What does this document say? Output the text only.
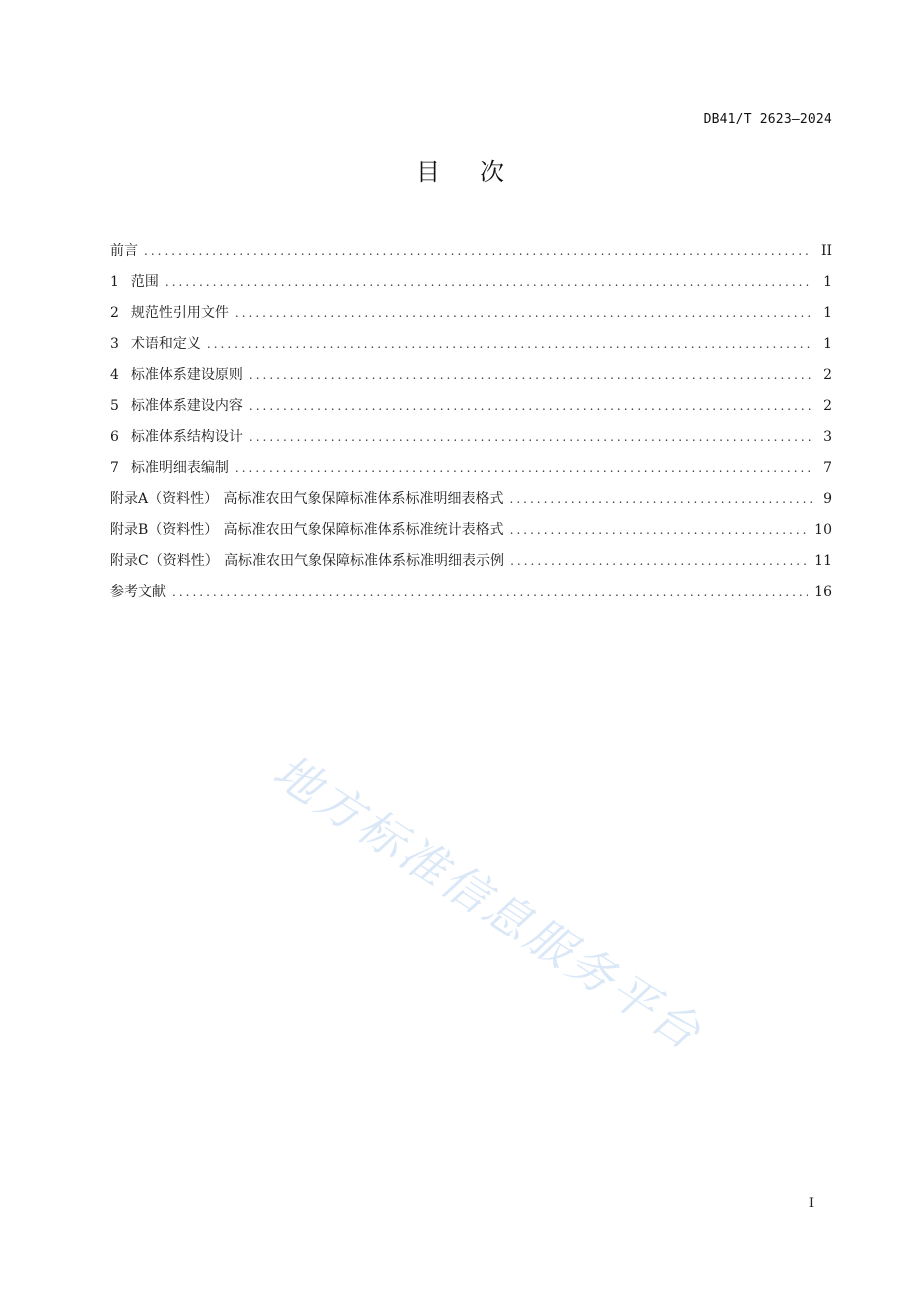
DB41/T 2623—2024
目次
前言 .....	II
1 范围 .....	1
2 规范性引用文件 .....	1
3 术语和定义 .....	1
4 标准体系建设原则 .....	2
5 标准体系建设内容 .....	2
6 标准体系结构设计 .....	3
7 标准明细表编制 .....	7
附录A（资料性） 高标准农田气象保障标准体系标准明细表格式 .....	9
附录B（资料性） 高标准农田气象保障标准体系标准统计表格式 .....	10
附录C（资料性） 高标准农田气象保障标准体系标准明细表示例 .....	11
参考文献 .....	16
地方标准信息服务平台
I
